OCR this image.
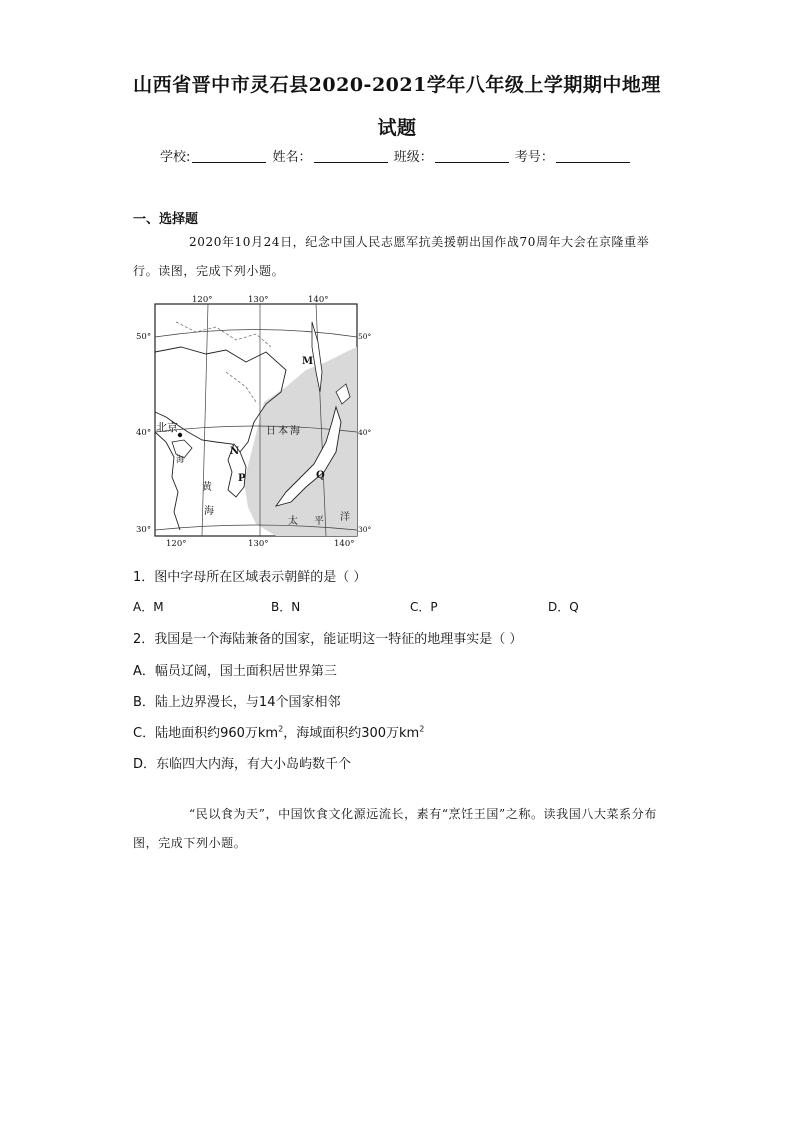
山西省晋中市灵石县2020-2021学年八年级上学期期中地理
试题
学校:	姓名：	班级：	考号：
一、选择题
2020年10月24日，纪念中国人民志愿军抗美援朝出国作战70周年大会在京隆重举行。读图，完成下列小题。
120°	130°	140°
120°	130°	140°
50°
40°
30°
50°
40°
30°
北京	日本海
黄
海
海
太 平 洋
M
N
P	Q
1．图中字母所在区域表示朝鲜的是（ ）
A．M	B．N	C．P	D．Q
2．我国是一个海陆兼备的国家，能证明这一特征的地理事实是（ ）
A．幅员辽阔，国土面积居世界第三
B．陆上边界漫长，与14个国家相邻
C．陆地面积约960万$km^2$，海域面积约300万$km^2$
D．东临四大内海，有大小岛屿数千个
“民以食为天”，中国饮食文化源远流长，素有“烹饪王国”之称。读我国八大菜系分布图，完成下列小题。
